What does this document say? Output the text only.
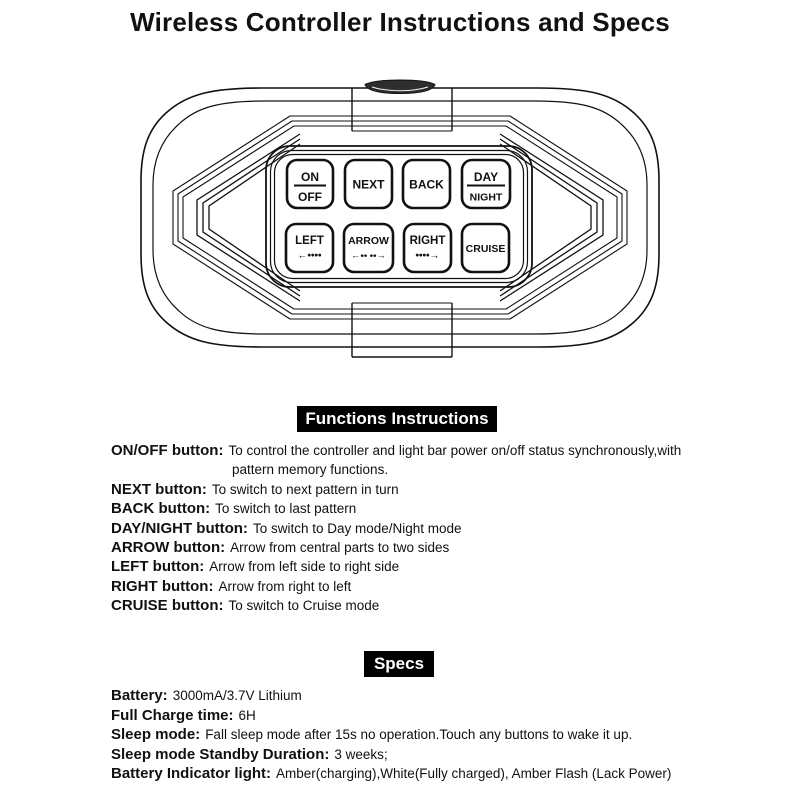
Wireless Controller Instructions and Specs
ON
OFF
NEXT BACK
DAY
NIGHT
LEFT
←••••
ARROW
←•• ••→
RIGHT
••••→
CRUISE
Functions Instructions
ON/OFF button: To control the controller and light bar power on/off status synchronously,with
pattern memory functions.
NEXT button: To switch to next pattern in turn
BACK button: To switch to last pattern
DAY/NIGHT button: To switch to Day mode/Night mode
ARROW button: Arrow from central parts to two sides
LEFT button: Arrow from left side to right side
RIGHT button: Arrow from right to left
CRUISE button: To switch to Cruise mode
Specs
Battery: 3000mA/3.7V Lithium
Full Charge time: 6H
Sleep mode: Fall sleep mode after 15s no operation.Touch any buttons to wake it up.
Sleep mode Standby Duration: 3 weeks;
Battery Indicator light: Amber(charging),White(Fully charged), Amber Flash (Lack Power)
